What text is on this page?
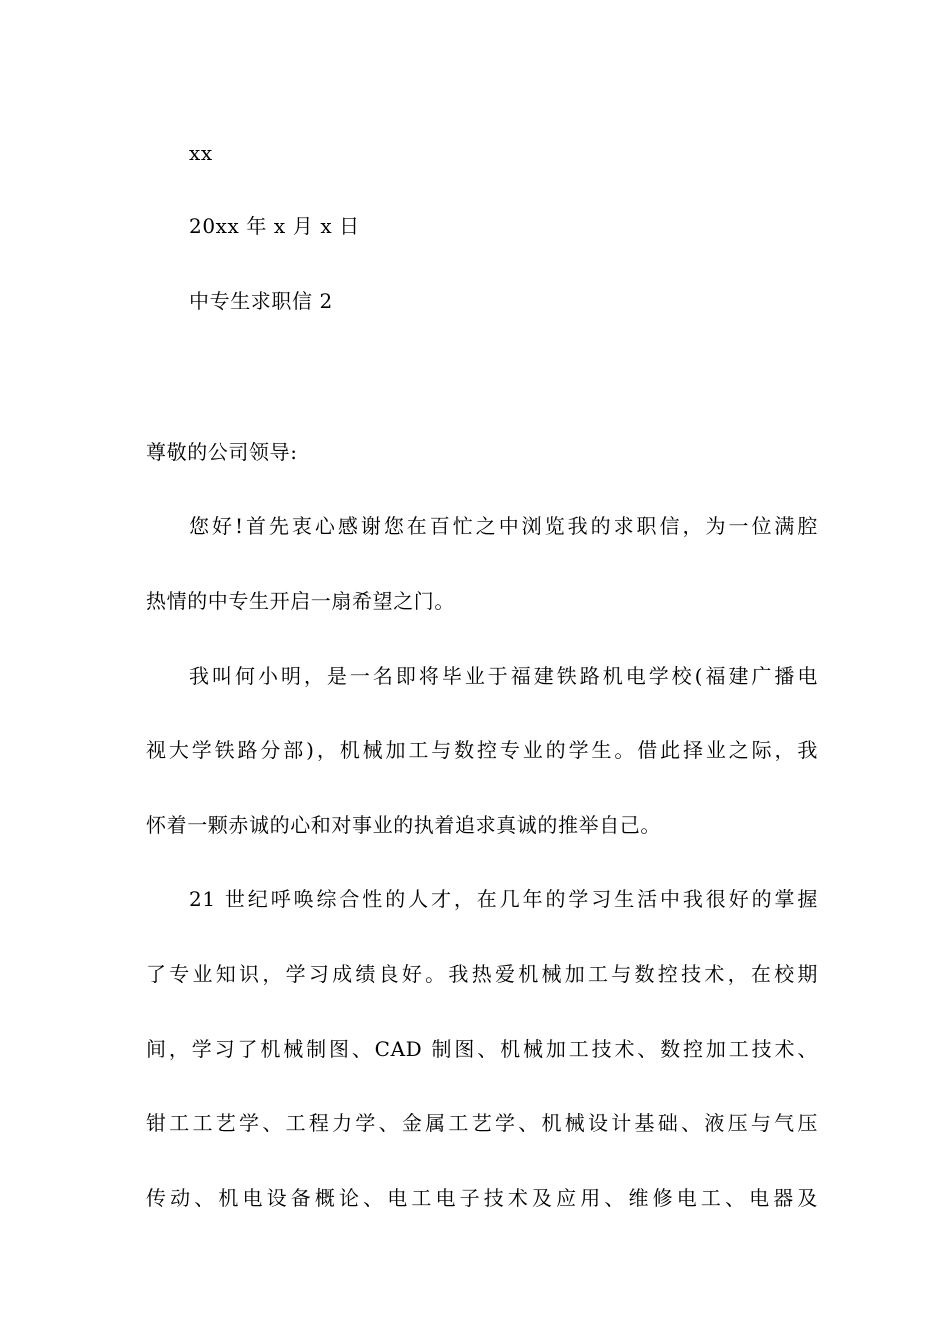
xx
20xx 年 x 月 x 日
中专生求职信 2
尊敬的公司领导:
您好!首先衷心感谢您在百忙之中浏览我的求职信，为一位满腔
热情的中专生开启一扇希望之门。
我叫何小明，是一名即将毕业于福建铁路机电学校(福建广播电
视大学铁路分部)，机械加工与数控专业的学生。借此择业之际，我
怀着一颗赤诚的心和对事业的执着追求真诚的推举自己。
21 世纪呼唤综合性的人才，在几年的学习生活中我很好的掌握
了专业知识，学习成绩良好。我热爱机械加工与数控技术，在校期
间，学习了机械制图、CAD 制图、机械加工技术、数控加工技术、
钳工工艺学、工程力学、金属工艺学、机械设计基础、液压与气压
传动、机电设备概论、电工电子技术及应用、维修电工、电器及
